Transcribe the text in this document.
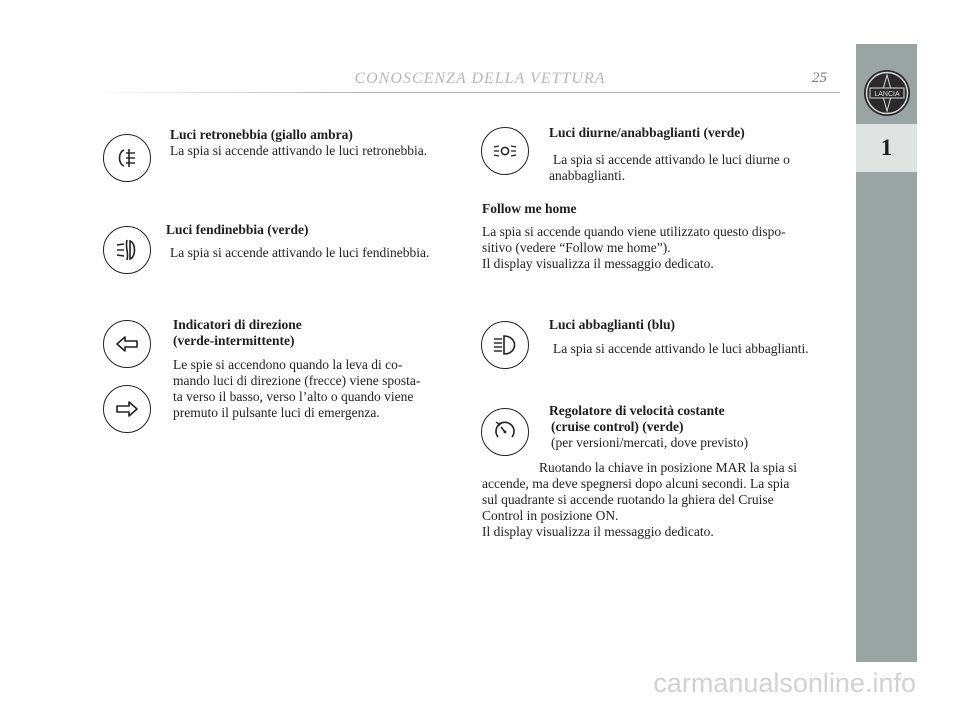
CONOSCENZA DELLA VETTURA	25
LANCIA
1
Luci retronebbia (giallo ambra)
La spia si accende attivando le luci retronebbia.
Luci fendinebbia (verde)
La spia si accende attivando le luci fendinebbia.
Indicatori di direzione
(verde-intermittente)
Le spie si accendono quando la leva di co-
mando luci di direzione (frecce) viene sposta-
ta verso il basso, verso l’alto o quando viene
premuto il pulsante luci di emergenza.
Luci diurne/anabbaglianti (verde)
La spia si accende attivando le luci diurne o
anabbaglianti.
Follow me home
La spia si accende quando viene utilizzato questo dispo-
sitivo (vedere “Follow me home”).
Il display visualizza il messaggio dedicato.
Luci abbaglianti (blu)
La spia si accende attivando le luci abbaglianti.
Regolatore di velocità costante
(cruise control) (verde)
(per versioni/mercati, dove previsto)
Ruotando la chiave in posizione MAR la spia si
accende, ma deve spegnersi dopo alcuni secondi. La spia
sul quadrante si accende ruotando la ghiera del Cruise
Control in posizione ON.
Il display visualizza il messaggio dedicato.
carmanualsonline.info
